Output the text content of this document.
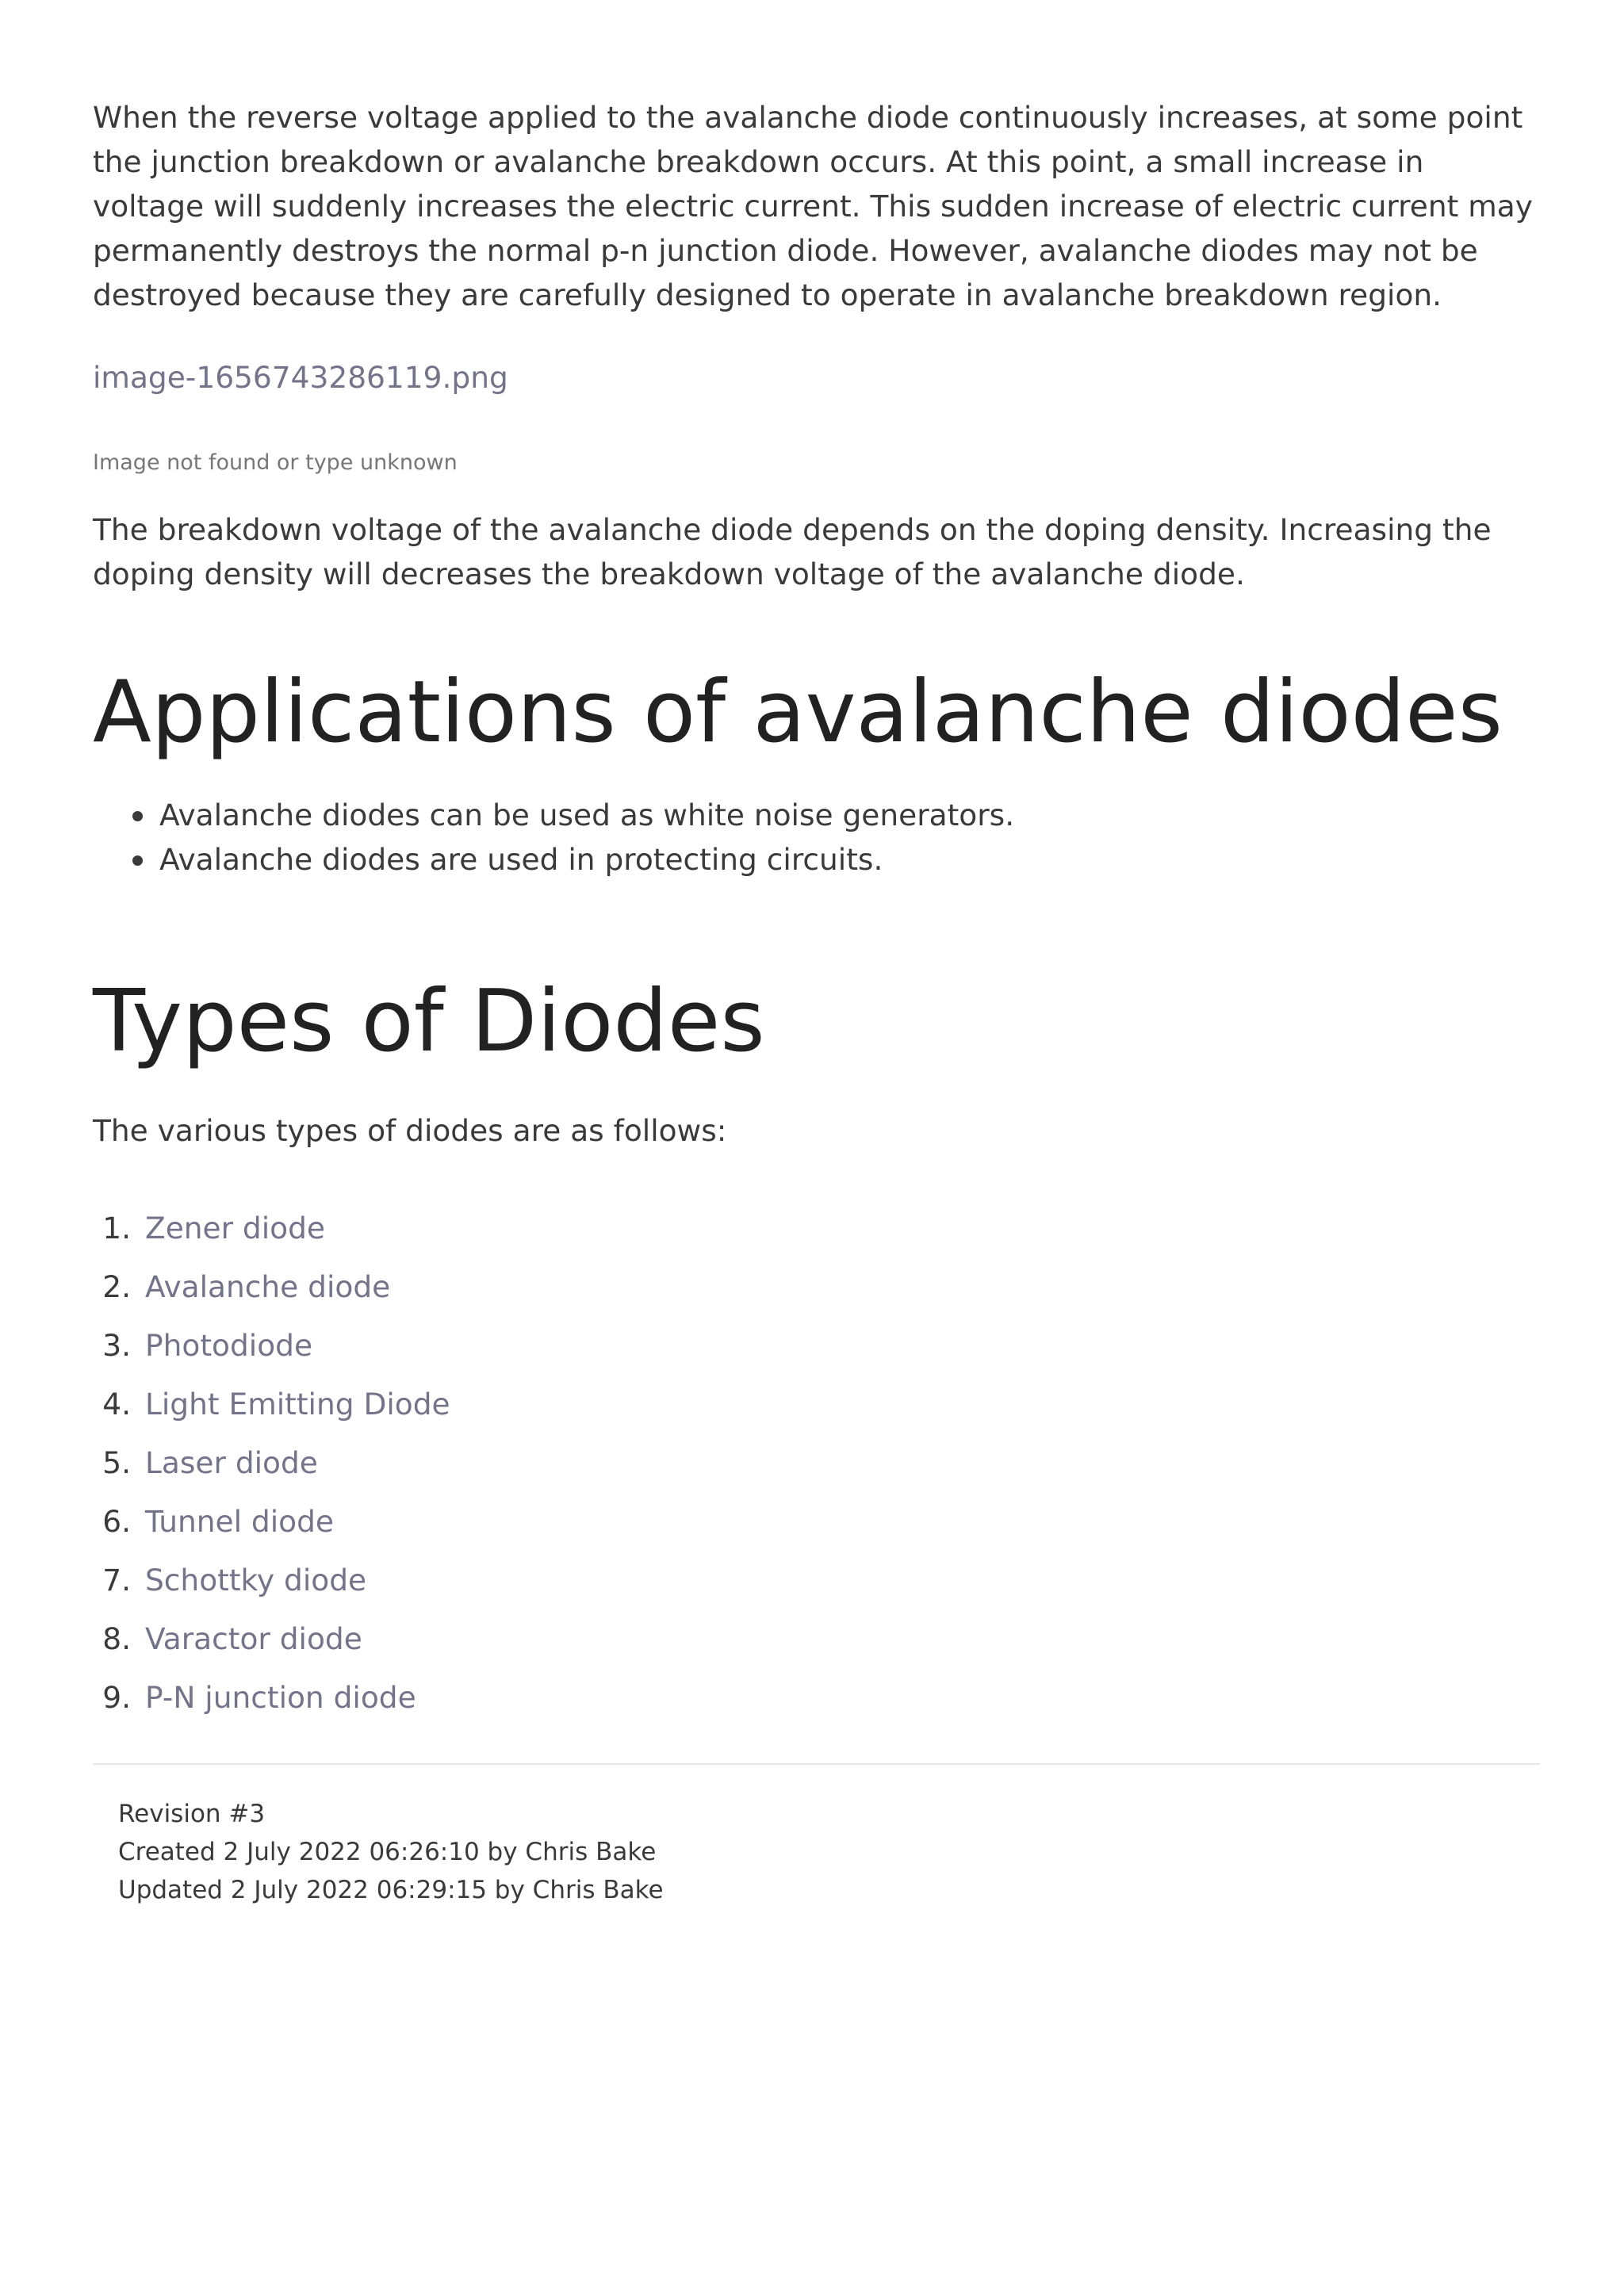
When the reverse voltage applied to the avalanche diode continuously increases, at some point the junction breakdown or avalanche breakdown occurs. At this point, a small increase in voltage will suddenly increases the electric current. This sudden increase of electric current may permanently destroys the normal p-n junction diode. However, avalanche diodes may not be destroyed because they are carefully designed to operate in avalanche breakdown region.

image-1656743286119.png
Image not found or type unknown

The breakdown voltage of the avalanche diode depends on the doping density. Increasing the doping density will decreases the breakdown voltage of the avalanche diode.

Applications of avalanche diodes
Avalanche diodes can be used as white noise generators.
Avalanche diodes are used in protecting circuits.
Types of Diodes

The various types of diodes are as follows:

1. Zener diode
2. Avalanche diode
3. Photodiode
4. Light Emitting Diode
5. Laser diode
6. Tunnel diode
7. Schottky diode
8. Varactor diode
9. P-N junction diode
Revision #3
Created 2 July 2022 06:26:10 by Chris Bake
Updated 2 July 2022 06:29:15 by Chris Bake
